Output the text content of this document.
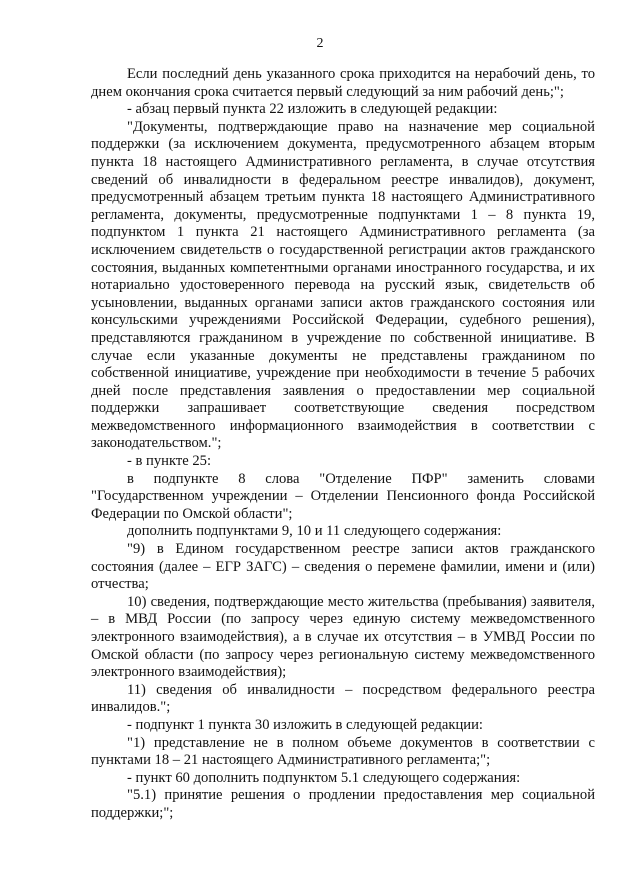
2

Если последний день указанного срока приходится на нерабочий день, то днем окончания срока считается первый следующий за ним рабочий день;";

- абзац первый пункта 22 изложить в следующей редакции:

"Документы, подтверждающие право на назначение мер социальной поддержки (за исключением документа, предусмотренного абзацем вторым пункта 18 настоящего Административного регламента, в случае отсутствия сведений об инвалидности в федеральном реестре инвалидов), документ, предусмотренный абзацем третьим пункта 18 настоящего Административного регламента, документы, предусмотренные подпунктами 1 – 8 пункта 19, подпунктом 1 пункта 21 настоящего Административного регламента (за исключением свидетельств о государственной регистрации актов гражданского состояния, выданных компетентными органами иностранного государства, и их нотариально удостоверенного перевода на русский язык, свидетельств об усыновлении, выданных органами записи актов гражданского состояния или консульскими учреждениями Российской Федерации, судебного решения), представляются гражданином в учреждение по собственной инициативе. В случае если указанные документы не представлены гражданином по собственной инициативе, учреждение при необходимости в течение 5 рабочих дней после представления заявления о предоставлении мер социальной поддержки запрашивает соответствующие сведения посредством межведомственного информационного взаимодействия в соответствии с законодательством.";

- в пункте 25:

в подпункте 8 слова "Отделение ПФР" заменить словами "Государственном учреждении – Отделении Пенсионного фонда Российской Федерации по Омской области";

дополнить подпунктами 9, 10 и 11 следующего содержания:

"9) в Едином государственном реестре записи актов гражданского состояния (далее – ЕГР ЗАГС) – сведения о перемене фамилии, имени и (или) отчества;

10) сведения, подтверждающие место жительства (пребывания) заявителя, – в МВД России (по запросу через единую систему межведомственного электронного взаимодействия), а в случае их отсутствия – в УМВД России по Омской области (по запросу через региональную систему межведомственного электронного взаимодействия);

11) сведения об инвалидности – посредством федерального реестра инвалидов.";

- подпункт 1 пункта 30 изложить в следующей редакции:

"1) представление не в полном объеме документов в соответствии с пунктами 18 – 21 настоящего Административного регламента;";

- пункт 60 дополнить подпунктом 5.1 следующего содержания:

"5.1) принятие решения о продлении предоставления мер социальной поддержки;";
